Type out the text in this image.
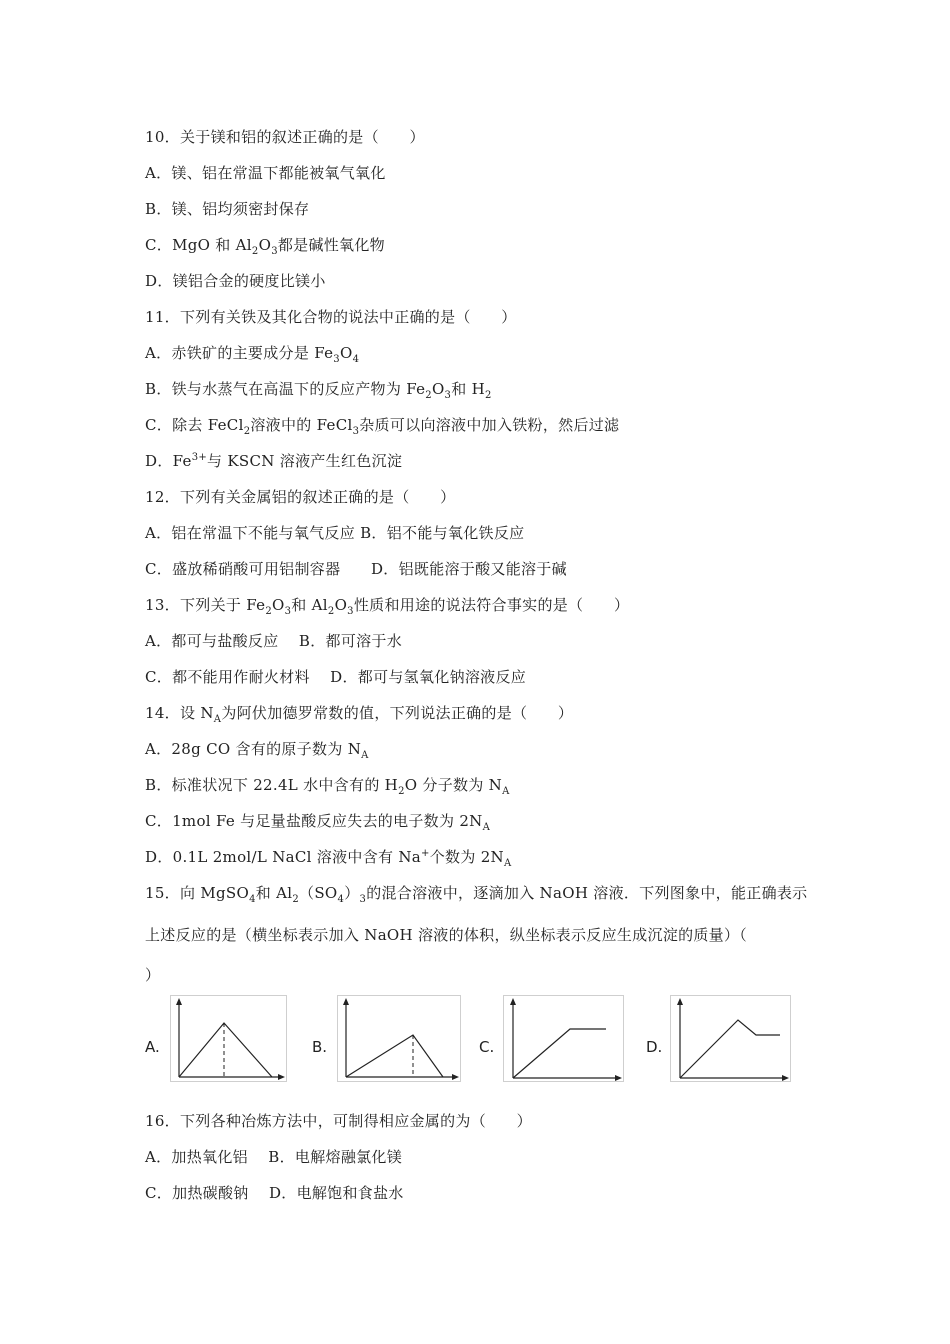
10．关于镁和铝的叙述正确的是（　　）
A．镁、铝在常温下都能被氧气氧化
B．镁、铝均须密封保存
C．MgO 和 $Al_2O_3$都是碱性氧化物
D．镁铝合金的硬度比镁小
11．下列有关铁及其化合物的说法中正确的是（　　）
A．赤铁矿的主要成分是 $Fe_3O_4$
B．铁与水蒸气在高温下的反应产物为 $Fe_2O_3$和 $H_2$
C．除去 FeCl$_2$溶液中的 FeCl$_3$杂质可以向溶液中加入铁粉，然后过滤
D．$Fe^{3+}$与 KSCN 溶液产生红色沉淀
12．下列有关金属铝的叙述正确的是（　　）
A．铝在常温下不能与氧气反应 B．铝不能与氧化铁反应
C．盛放稀硝酸可用铝制容器　　D．铝既能溶于酸又能溶于碱
13．下列关于 $Fe_2O_3$和 $Al_2O_3$性质和用途的说法符合事实的是（　　）
A．都可与盐酸反应　 B．都可溶于水
C．都不能用作耐火材料　 D．都可与氢氧化钠溶液反应
14．设 $N_A$为阿伏加德罗常数的值，下列说法正确的是（　　）
A．28g CO 含有的原子数为 $N_A$
B．标准状况下 22.4L 水中含有的 $H_2O$ 分子数为 $N_A$
C．1mol Fe 与足量盐酸反应失去的电子数为 $2N_A$
D．0.1L 2mol/L NaCl 溶液中含有 Na+个数为 $2N_A$
15．向 MgSO$_4$和 $Al_2(SO_4)_3$的混合溶液中，逐滴加入 NaOH 溶液．下列图象中，能正确表示
上述反应的是（横坐标表示加入 NaOH 溶液的体积，纵坐标表示反应生成沉淀的质量）（
）
A.	B.	C.	D.
16．下列各种冶炼方法中，可制得相应金属的为（　　）
A．加热氧化铝　 B．电解熔融氯化镁
C．加热碳酸钠　 D．电解饱和食盐水
